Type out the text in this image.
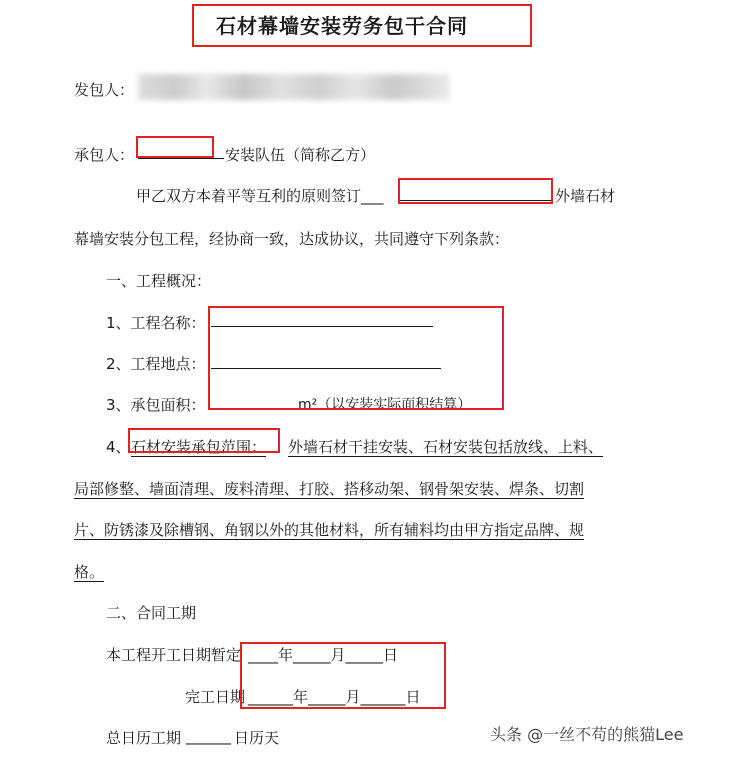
石材幕墙安装劳务包干合同
发包人：
承包人：	安装队伍（简称乙方）
甲乙双方本着平等互利的原则签订___	外墙石材
幕墙安装分包工程，经协商一致，达成协议，共同遵守下列条款：
一、工程概况：
1、工程名称：
2、工程地点：
3、承包面积：	m²（以安装实际面积结算）
4、 石材安装承包范围： 外墙石材干挂安装、石材安装包括放线、上料、
局部修整、墙面清理、废料清理、打胶、搭移动架、钢骨架安装、焊条、切割
片、防锈漆及除槽钢、角钢以外的其他材料，所有辅料均由甲方指定品牌、规
格。
二、合同工期
本工程开工日期暂定 ____年_____月_____日
完工日期 ______年_____月______日
总日历工期 ______ 日历天	头条 @一丝不苟的熊猫Lee
